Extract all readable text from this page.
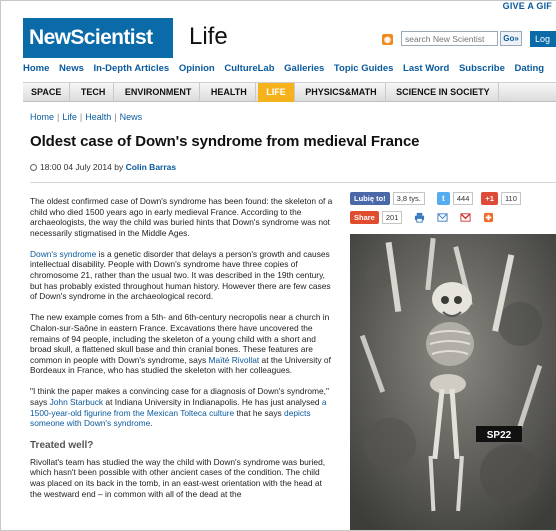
GIVE A GIF
NewScientist	Life	◉
search New Scientist	Go»	Log
Home News In-Depth Articles Opinion CultureLab Galleries Topic Guides Last Word Subscribe Dating
SPACE TECH ENVIRONMENT HEALTH LIFE PHYSICS&MATH SCIENCE IN SOCIETY
Home | Life | Health | News
Oldest case of Down's syndrome from medieval France
18:00 04 July 2014 by Colin Barras

The oldest confirmed case of Down's syndrome has been found: the skeleton of a child who died 1500 years ago in early medieval France. According to the archaeologists, the way the child was buried hints that Down's syndrome was not necessarily stigmatised in the Middle Ages.

Down's syndrome is a genetic disorder that delays a person's growth and causes intellectual disability. People with Down's syndrome have three copies of chromosome 21, rather than the usual two. It was described in the 19th century, but has probably existed throughout human history. However there are few cases of Down's syndrome in the archaeological record.

The new example comes from a 5th- and 6th-century necropolis near a church in Chalon-sur-Saône in eastern France. Excavations there have uncovered the remains of 94 people, including the skeleton of a young child with a short and broad skull, a flattened skull base and thin cranial bones. These features are common in people with Down's syndrome, says Maïté Rivollat at the University of Bordeaux in France, who has studied the skeleton with her colleagues.

"I think the paper makes a convincing case for a diagnosis of Down's syndrome," says John Starbuck at Indiana University in Indianapolis. He has just analysed a 1500-year-old figurine from the Mexican Tolteca culture that he says depicts someone with Down's syndrome.

Treated well?

Rivollat's team has studied the way the child with Down's syndrome was buried, which hasn't been possible with other ancient cases of the condition. The child was placed on its back in the tomb, in an east-west orientation with the head at the westward end – in common with all of the dead at the

Lubię to!	3,8 tys.	t	444	+1	110
Share	201
SP22
